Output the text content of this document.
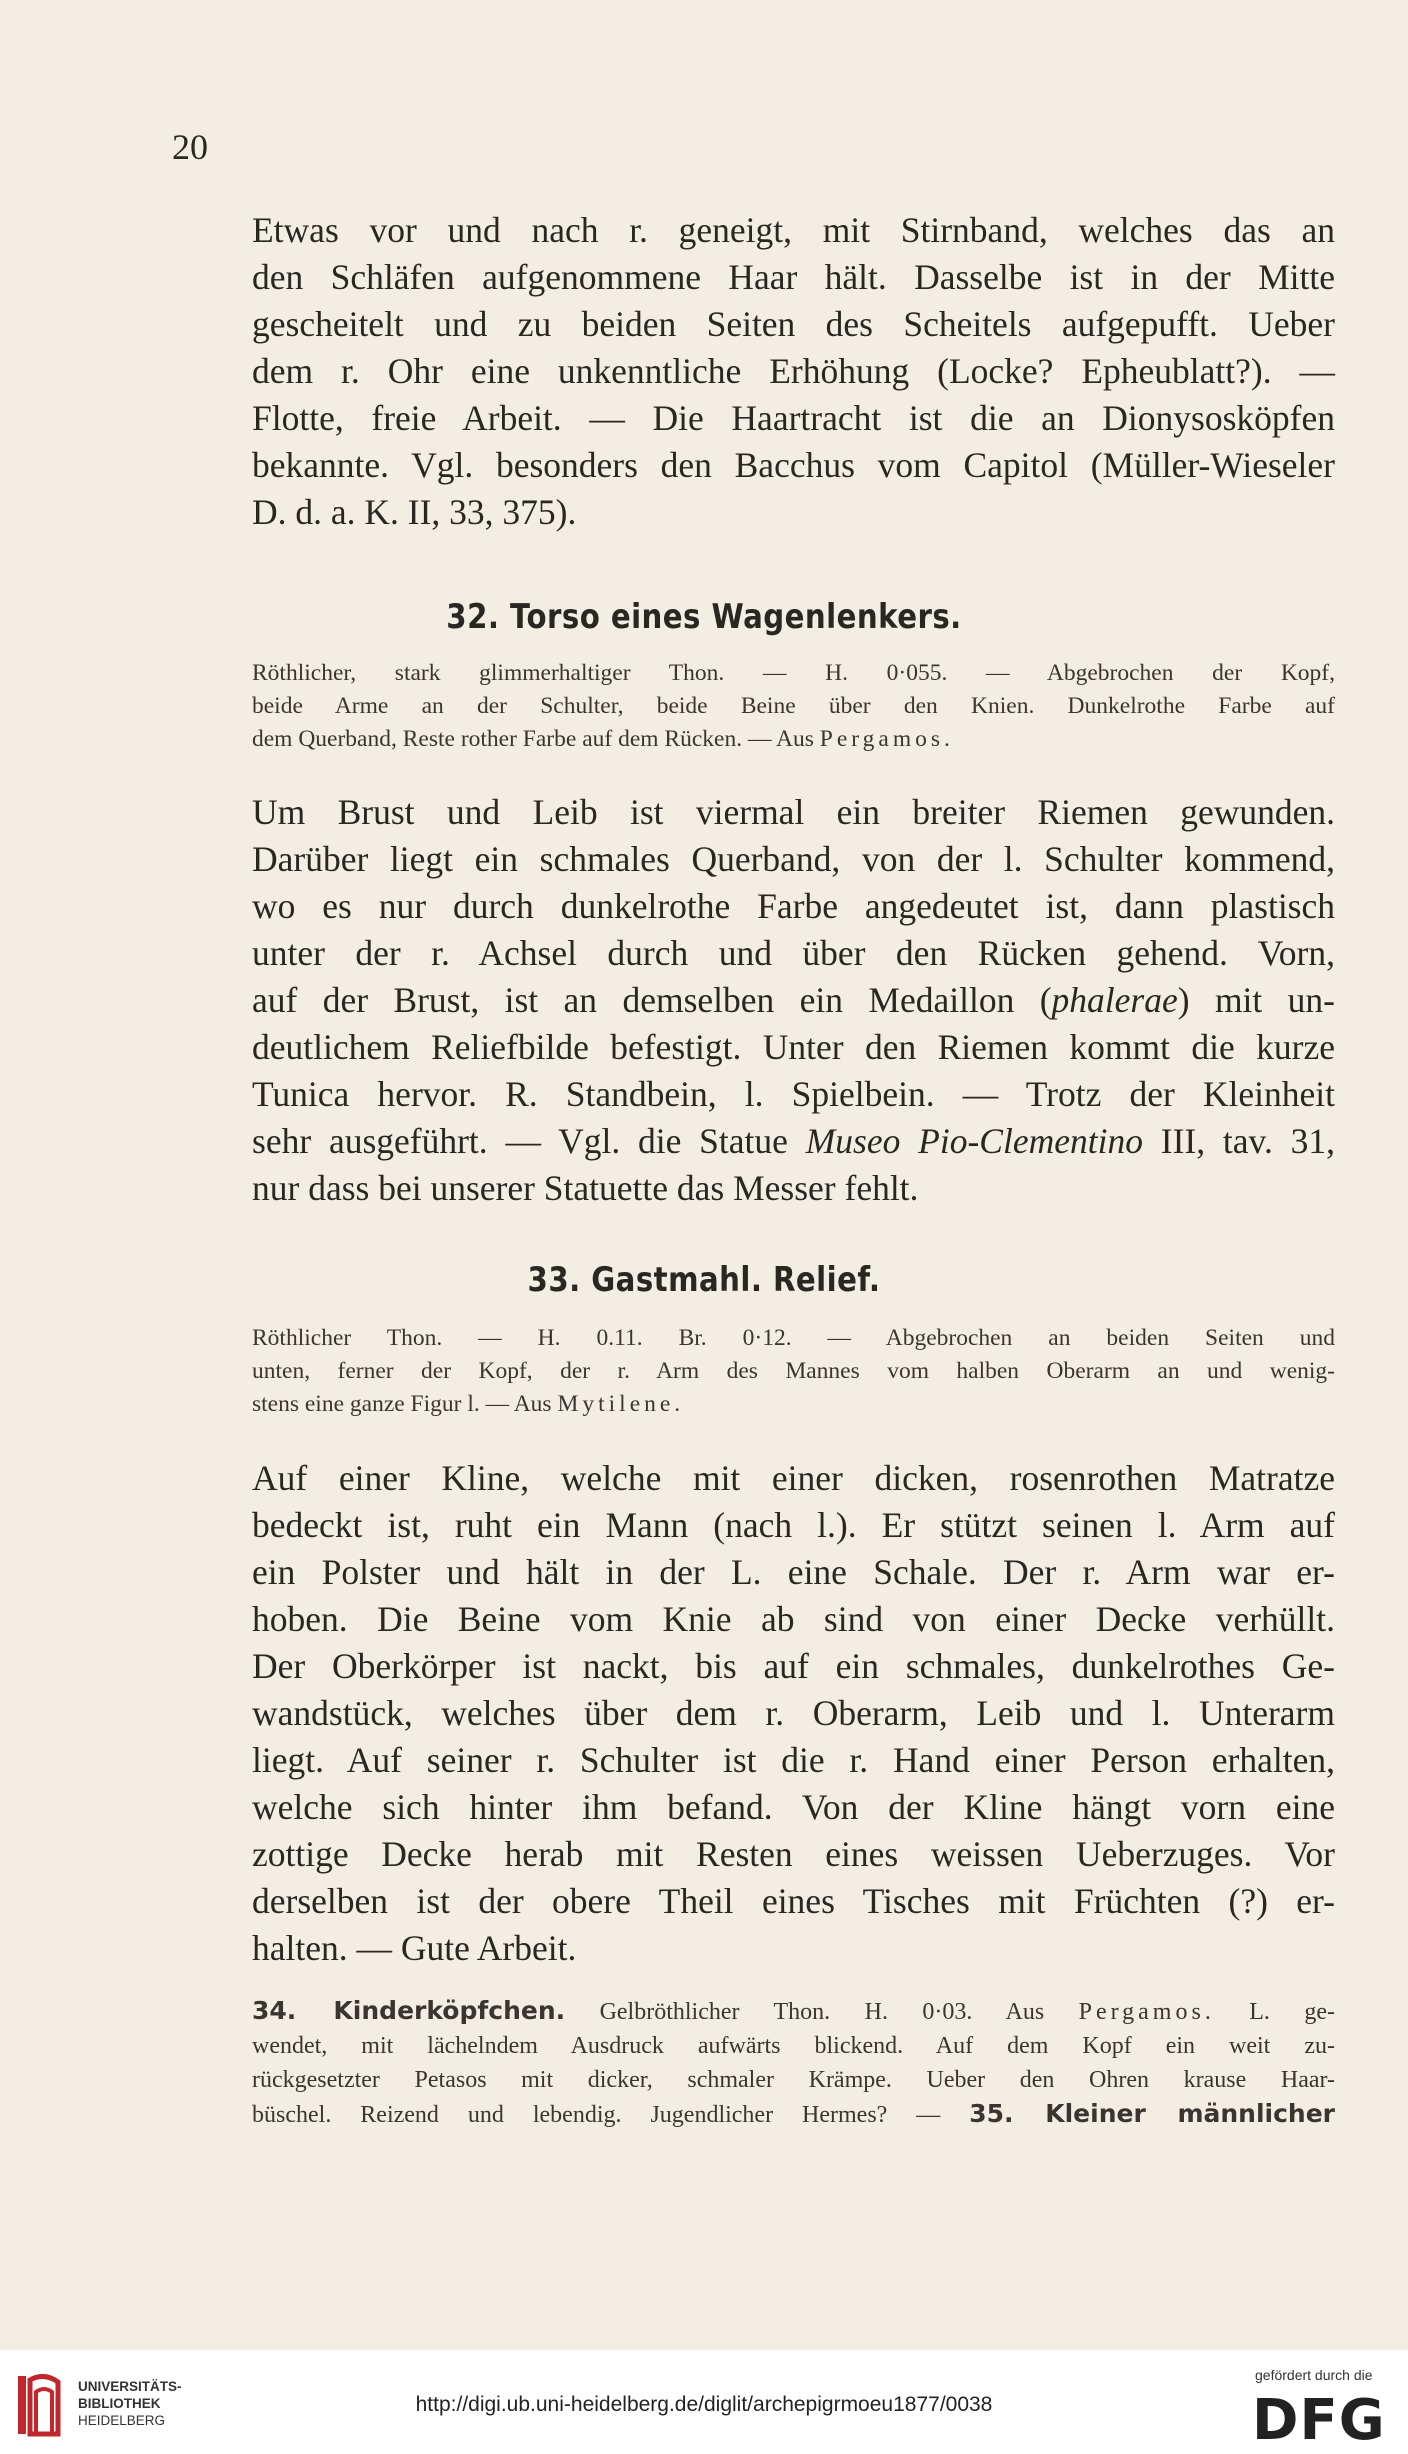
20
Etwas vor und nach r. geneigt, mit Stirnband, welches das an
den Schläfen aufgenommene Haar hält. Dasselbe ist in der Mitte
gescheitelt und zu beiden Seiten des Scheitels aufgepufft. Ueber
dem r. Ohr eine unkenntliche Erhöhung (Locke? Epheublatt?). —
Flotte, freie Arbeit. — Die Haartracht ist die an Dionysosköpfen
bekannte. Vgl. besonders den Bacchus vom Capitol (Müller-Wieseler
D. d. a. K. II, 33, 375).
32. Torso eines Wagenlenkers.
Röthlicher, stark glimmerhaltiger Thon. — H. 0·055. — Abgebrochen der Kopf,
beide Arme an der Schulter, beide Beine über den Knien. Dunkelrothe Farbe auf
dem Querband, Reste rother Farbe auf dem Rücken. — Aus Pergamos.
Um Brust und Leib ist viermal ein breiter Riemen gewunden.
Darüber liegt ein schmales Querband, von der l. Schulter kommend,
wo es nur durch dunkelrothe Farbe angedeutet ist, dann plastisch
unter der r. Achsel durch und über den Rücken gehend. Vorn,
auf der Brust, ist an demselben ein Medaillon (phalerae) mit un-
deutlichem Reliefbilde befestigt. Unter den Riemen kommt die kurze
Tunica hervor. R. Standbein, l. Spielbein. — Trotz der Kleinheit
sehr ausgeführt. — Vgl. die Statue Museo Pio-Clementino III, tav. 31,
nur dass bei unserer Statuette das Messer fehlt.
33. Gastmahl. Relief.
Röthlicher Thon. — H. 0.11. Br. 0·12. — Abgebrochen an beiden Seiten und
unten, ferner der Kopf, der r. Arm des Mannes vom halben Oberarm an und wenig-
stens eine ganze Figur l. — Aus Mytilene.
Auf einer Kline, welche mit einer dicken, rosenrothen Matratze
bedeckt ist, ruht ein Mann (nach l.). Er stützt seinen l. Arm auf
ein Polster und hält in der L. eine Schale. Der r. Arm war er-
hoben. Die Beine vom Knie ab sind von einer Decke verhüllt.
Der Oberkörper ist nackt, bis auf ein schmales, dunkelrothes Ge-
wandstück, welches über dem r. Oberarm, Leib und l. Unterarm
liegt. Auf seiner r. Schulter ist die r. Hand einer Person erhalten,
welche sich hinter ihm befand. Von der Kline hängt vorn eine
zottige Decke herab mit Resten eines weissen Ueberzuges. Vor
derselben ist der obere Theil eines Tisches mit Früchten (?) er-
halten. — Gute Arbeit.
34. Kinderköpfchen. Gelbröthlicher Thon. H. 0·03. Aus Pergamos. L. ge-
wendet, mit lächelndem Ausdruck aufwärts blickend. Auf dem Kopf ein weit zu-
rückgesetzter Petasos mit dicker, schmaler Krämpe. Ueber den Ohren krause Haar-
büschel. Reizend und lebendig. Jugendlicher Hermes? — 35. Kleiner männlicher
UNIVERSITÄTS-
BIBLIOTHEK
HEIDELBERG
http://digi.ub.uni-heidelberg.de/diglit/archepigrmoeu1877/0038
gefördert durch die
DFG
